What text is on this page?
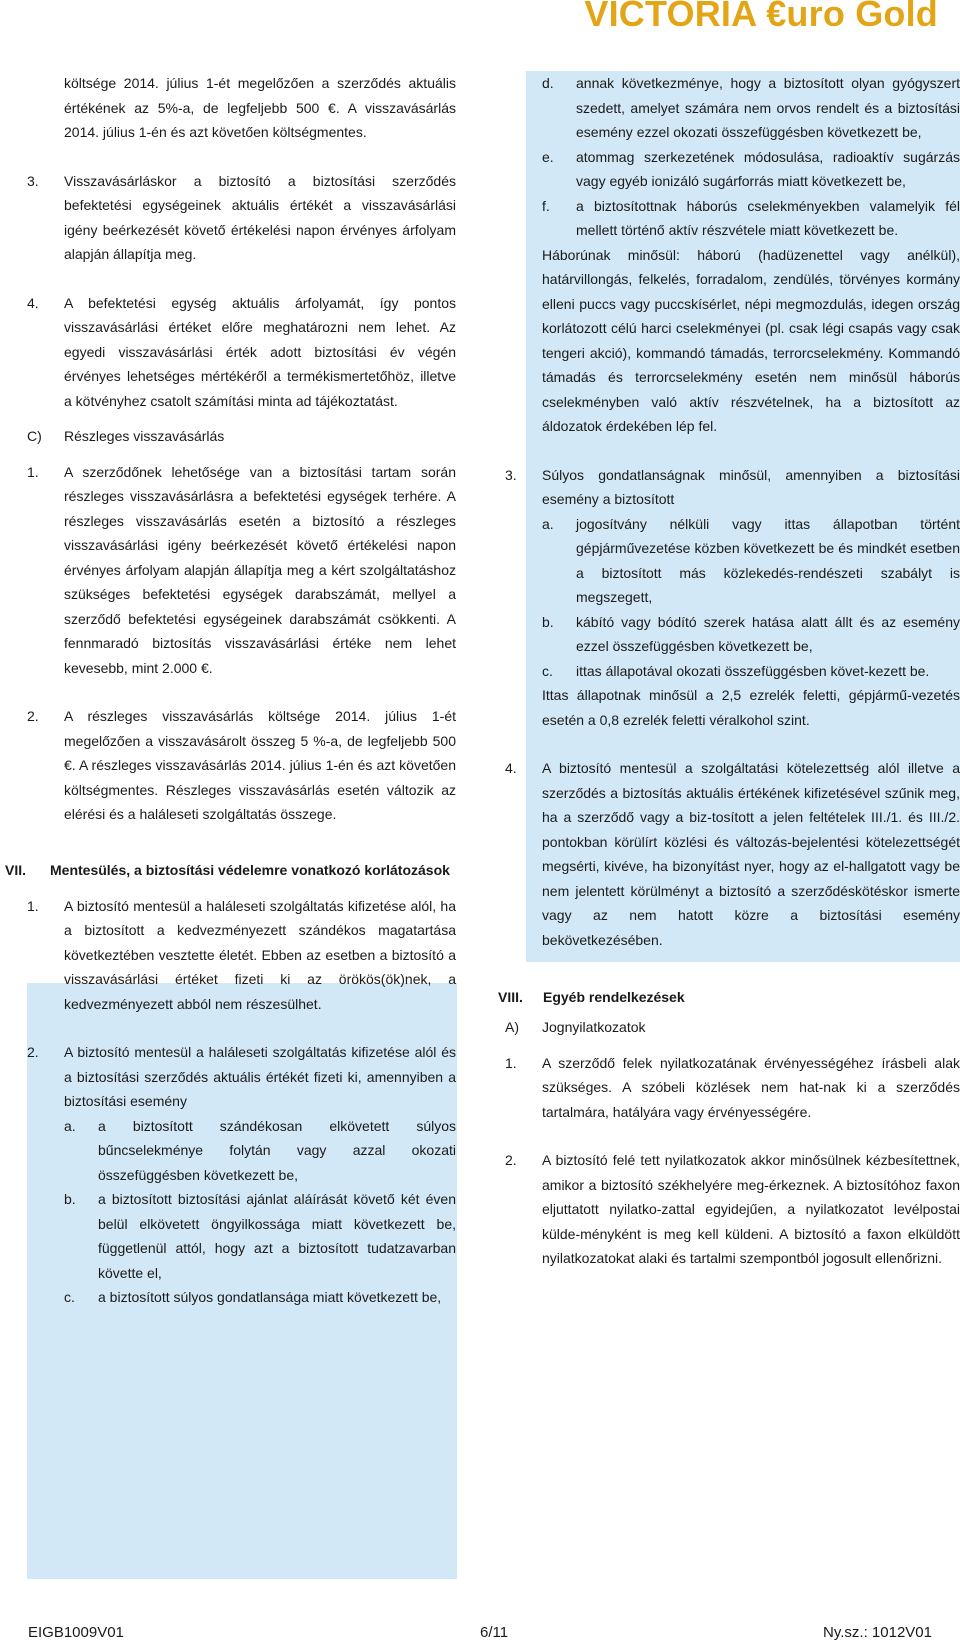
VICTORIA €uro Gold
költsége 2014. július 1-ét megelőzően a szerződés aktuális értékének az 5%-a, de legfeljebb 500 €. A visszavásárlás 2014. július 1-én és azt követően költségmentes.
3.	Visszavásárláskor a biztosító a biztosítási szerződés befektetési egységeinek aktuális értékét a visszavásárlási igény beérkezését követő értékelési napon érvényes árfolyam alapján állapítja meg.
4.	A befektetési egység aktuális árfolyamát, így pontos visszavásárlási értéket előre meghatározni nem lehet. Az egyedi visszavásárlási érték adott biztosítási év végén érvényes lehetséges mértékéről a termékismertetőhöz, illetve a kötvényhez csatolt számítási minta ad tájékoztatást.
C)	Részleges visszavásárlás
1.	A szerződőnek lehetősége van a biztosítási tartam során részleges visszavásárlásra a befektetési egységek terhére. A részleges visszavásárlás esetén a biztosító a részleges visszavásárlási igény beérkezését követő értékelési napon érvényes árfolyam alapján állapítja meg a kért szolgáltatáshoz szükséges befektetési egységek darabszámát, mellyel a szerződő befektetési egységeinek darabszámát csökkenti. A fennmaradó biztosítás visszavásárlási értéke nem lehet kevesebb, mint 2.000 €.
2.	A részleges visszavásárlás költsége 2014. július 1-ét megelőzően a visszavásárolt összeg 5 %-a, de legfeljebb 500 €. A részleges visszavásárlás 2014. július 1-én és azt követően költségmentes. Részleges visszavásárlás esetén változik az elérési és a haláleseti szolgáltatás összege.
VII.	Mentesülés, a biztosítási védelemre vonatkozó korlátozások
1.	A biztosító mentesül a haláleseti szolgáltatás kifizetése alól, ha a biztosított a kedvezményezett szándékos magatartása következtében vesztette életét. Ebben az esetben a biztosító a visszavásárlási értéket fizeti ki az örökös(ök)nek, a kedvezményezett abból nem részesülhet.
2.	A biztosító mentesül a haláleseti szolgáltatás kifizetése alól és a biztosítási szerződés aktuális értékét fizeti ki, amennyiben a biztosítási esemény
a.	a biztosított szándékosan elkövetett súlyos bűncselekménye folytán vagy azzal okozati összefüggésben következett be,
b.	a biztosított biztosítási ajánlat aláírását követő két éven belül elkövetett öngyilkossága miatt következett be, függetlenül attól, hogy azt a biztosított tudatzavarban követte el,
c.	a biztosított súlyos gondatlansága miatt következett be,
d.	annak következménye, hogy a biztosított olyan gyógyszert szedett, amelyet számára nem orvos rendelt és a biztosítási esemény ezzel okozati összefüggésben következett be,
e.	atommag szerkezetének módosulása, radioaktív sugárzás vagy egyéb ionizáló sugárforrás miatt következett be,
f.	a biztosítottnak háborús cselekményekben valamelyik fél mellett történő aktív részvétele miatt következett be.

Háborúnak minősül: háború (hadüzenettel vagy anélkül), határvillongás, felkelés, forradalom, zendülés, törvényes kormány elleni puccs vagy puccskísérlet, népi megmozdulás, idegen ország korlátozott célú harci cselekményei (pl. csak légi csapás vagy csak tengeri akció), kommandó támadás, terrorcselekmény. Kommandó támadás és terrorcselekmény esetén nem minősül háborús cselekményben való aktív részvételnek, ha a biztosított az áldozatok érdekében lép fel.

3.	Súlyos gondatlanságnak minősül, amennyiben a biztosítási esemény a biztosított
a.	jogosítvány nélküli vagy ittas állapotban történt gépjárművezetése közben következett be és mindkét esetben a biztosított más közlekedés-rendészeti szabályt is megszegett,
b.	kábító vagy bódító szerek hatása alatt állt és az esemény ezzel összefüggésben következett be,
c.	ittas állapotával okozati összefüggésben követ-kezett be.

Ittas állapotnak minősül a 2,5 ezrelék feletti, gépjármű-vezetés esetén a 0,8 ezrelék feletti véralkohol szint.

4.	A biztosító mentesül a szolgáltatási kötelezettség alól illetve a szerződés a biztosítás aktuális értékének kifizetésével szűnik meg, ha a szerződő vagy a biz-tosított a jelen feltételek III./1. és III./2. pontokban körülírt közlési és változás-bejelentési kötelezettségét megsérti, kivéve, ha bizonyítást nyer, hogy az el-hallgatott vagy be nem jelentett körülményt a biztosító a szerződéskötéskor ismerte vagy az nem hatott közre a biztosítási esemény bekövetkezésében.
VIII.	Egyéb rendelkezések
A)	Jognyilatkozatok
1.	A szerződő felek nyilatkozatának érvényességéhez írásbeli alak szükséges. A szóbeli közlések nem hat-nak ki a szerződés tartalmára, hatályára vagy érvényességére.
2.	A biztosító felé tett nyilatkozatok akkor minősülnek kézbesítettnek, amikor a biztosító székhelyére meg-érkeznek. A biztosítóhoz faxon eljuttatott nyilatko-zattal egyidejűen, a nyilatkozatot levélpostai külde-ményként is meg kell küldeni. A biztosító a faxon elküldött nyilatkozatokat alaki és tartalmi szempontból jogosult ellenőrizni.
EIGB1009V01	6/11	Ny.sz.: 1012V01
